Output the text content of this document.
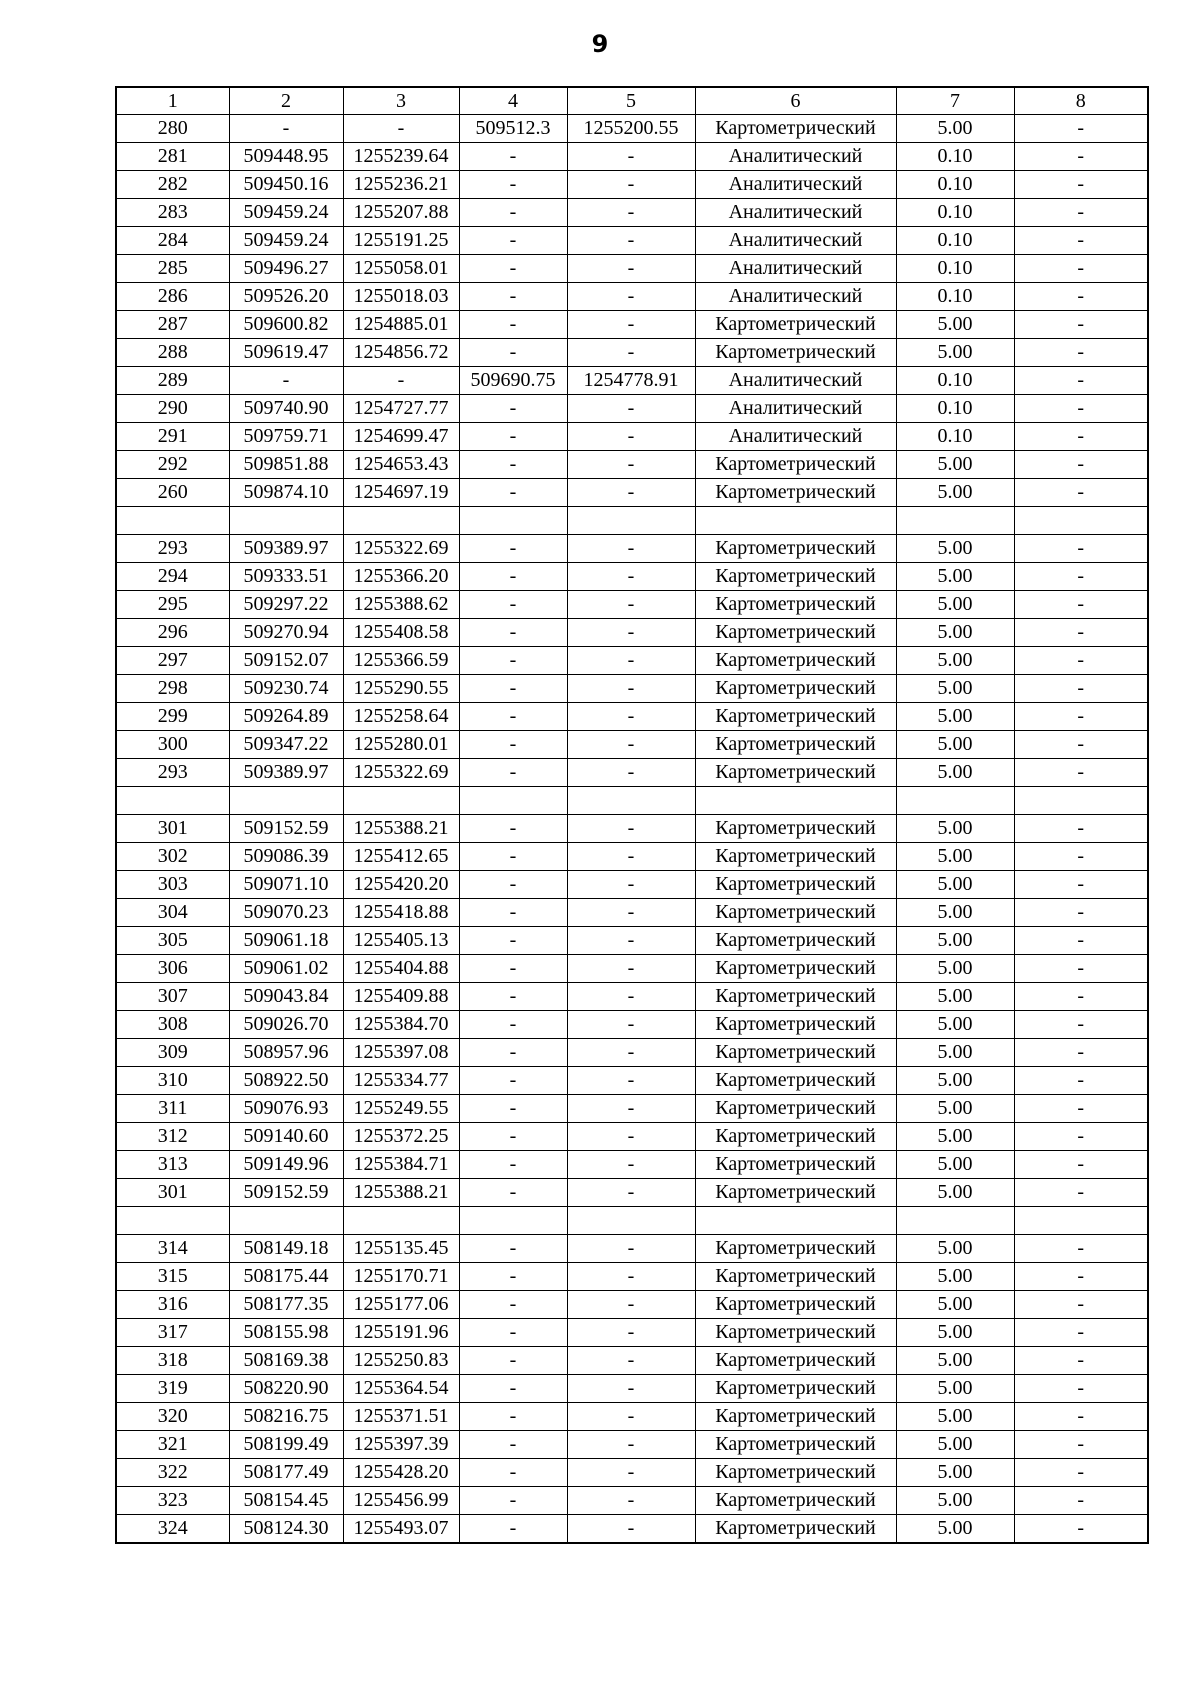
9
1	2	3	4	5	6	7	8
280	-	-	509512.3	1255200.55	Картометрический	5.00	-
281	509448.95	1255239.64	-	-	Аналитический	0.10	-
282	509450.16	1255236.21	-	-	Аналитический	0.10	-
283	509459.24	1255207.88	-	-	Аналитический	0.10	-
284	509459.24	1255191.25	-	-	Аналитический	0.10	-
285	509496.27	1255058.01	-	-	Аналитический	0.10	-
286	509526.20	1255018.03	-	-	Аналитический	0.10	-
287	509600.82	1254885.01	-	-	Картометрический	5.00	-
288	509619.47	1254856.72	-	-	Картометрический	5.00	-
289	-	-	509690.75	1254778.91	Аналитический	0.10	-
290	509740.90	1254727.77	-	-	Аналитический	0.10	-
291	509759.71	1254699.47	-	-	Аналитический	0.10	-
292	509851.88	1254653.43	-	-	Картометрический	5.00	-
260	509874.10	1254697.19	-	-	Картометрический	5.00	-

293	509389.97	1255322.69	-	-	Картометрический	5.00	-
294	509333.51	1255366.20	-	-	Картометрический	5.00	-
295	509297.22	1255388.62	-	-	Картометрический	5.00	-
296	509270.94	1255408.58	-	-	Картометрический	5.00	-
297	509152.07	1255366.59	-	-	Картометрический	5.00	-
298	509230.74	1255290.55	-	-	Картометрический	5.00	-
299	509264.89	1255258.64	-	-	Картометрический	5.00	-
300	509347.22	1255280.01	-	-	Картометрический	5.00	-
293	509389.97	1255322.69	-	-	Картометрический	5.00	-

301	509152.59	1255388.21	-	-	Картометрический	5.00	-
302	509086.39	1255412.65	-	-	Картометрический	5.00	-
303	509071.10	1255420.20	-	-	Картометрический	5.00	-
304	509070.23	1255418.88	-	-	Картометрический	5.00	-
305	509061.18	1255405.13	-	-	Картометрический	5.00	-
306	509061.02	1255404.88	-	-	Картометрический	5.00	-
307	509043.84	1255409.88	-	-	Картометрический	5.00	-
308	509026.70	1255384.70	-	-	Картометрический	5.00	-
309	508957.96	1255397.08	-	-	Картометрический	5.00	-
310	508922.50	1255334.77	-	-	Картометрический	5.00	-
311	509076.93	1255249.55	-	-	Картометрический	5.00	-
312	509140.60	1255372.25	-	-	Картометрический	5.00	-
313	509149.96	1255384.71	-	-	Картометрический	5.00	-
301	509152.59	1255388.21	-	-	Картометрический	5.00	-

314	508149.18	1255135.45	-	-	Картометрический	5.00	-
315	508175.44	1255170.71	-	-	Картометрический	5.00	-
316	508177.35	1255177.06	-	-	Картометрический	5.00	-
317	508155.98	1255191.96	-	-	Картометрический	5.00	-
318	508169.38	1255250.83	-	-	Картометрический	5.00	-
319	508220.90	1255364.54	-	-	Картометрический	5.00	-
320	508216.75	1255371.51	-	-	Картометрический	5.00	-
321	508199.49	1255397.39	-	-	Картометрический	5.00	-
322	508177.49	1255428.20	-	-	Картометрический	5.00	-
323	508154.45	1255456.99	-	-	Картометрический	5.00	-
324	508124.30	1255493.07	-	-	Картометрический	5.00	-
